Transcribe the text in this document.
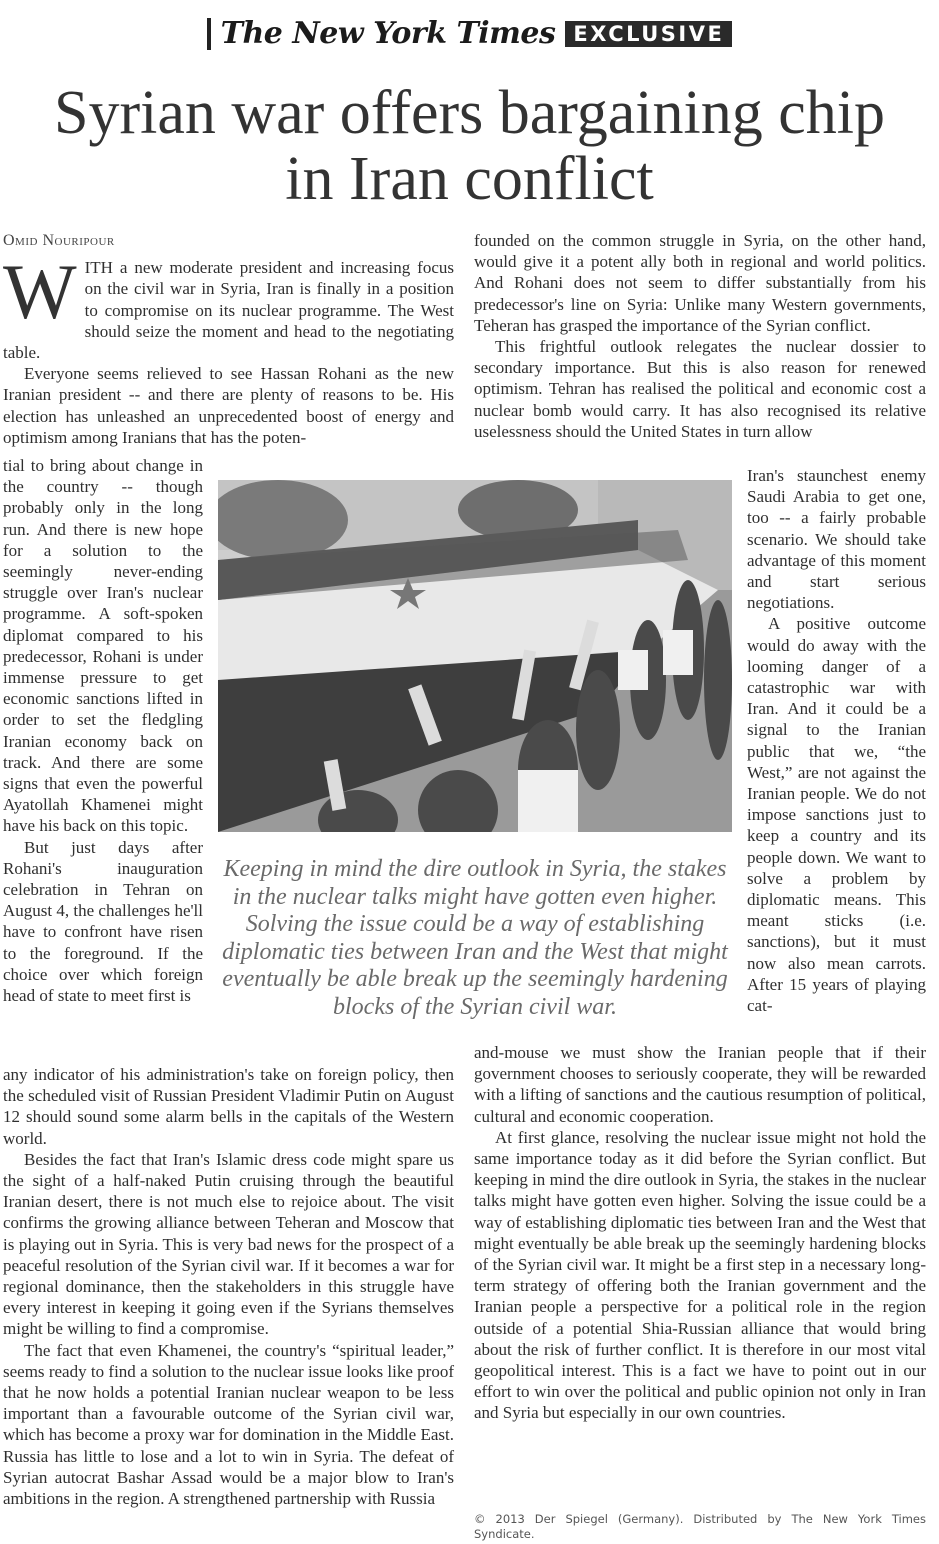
The New York Times EXCLUSIVE
Syrian war offers bargaining chip in Iran conflict
Omid Nouripour

WITH a new moderate president and increasing focus on the civil war in Syria, Iran is finally in a position to compromise on its nuclear programme. The West should seize the moment and head to the negotiating table.

Everyone seems relieved to see Hassan Rohani as the new Iranian president -- and there are plenty of reasons to be. His election has unleashed an unprecedented boost of energy and optimism among Iranians that has the poten-

tial to bring about change in the country -- though probably only in the long run. And there is new hope for a solution to the seemingly never-ending struggle over Iran's nuclear programme. A soft-spoken diplomat compared to his predecessor, Rohani is under immense pressure to get economic sanctions lifted in order to set the fledgling Iranian economy back on track. And there are some signs that even the powerful Ayatollah Khamenei might have his back on this topic.

But just days after Rohani's inauguration celebration in Tehran on August 4, the challenges he'll have to confront have risen to the foreground. If the choice over which foreign head of state to meet first is

any indicator of his administration's take on foreign policy, then the scheduled visit of Russian President Vladimir Putin on August 12 should sound some alarm bells in the capitals of the Western world.

Besides the fact that Iran's Islamic dress code might spare us the sight of a half-naked Putin cruising through the beautiful Iranian desert, there is not much else to rejoice about. The visit confirms the growing alliance between Teheran and Moscow that is playing out in Syria. This is very bad news for the prospect of a peaceful resolution of the Syrian civil war. If it becomes a war for regional dominance, then the stakeholders in this struggle have every interest in keeping it going even if the Syrians themselves might be willing to find a compromise.

The fact that even Khamenei, the country's “spiritual leader,” seems ready to find a solution to the nuclear issue looks like proof that he now holds a potential Iranian nuclear weapon to be less important than a favourable outcome of the Syrian civil war, which has become a proxy war for domination in the Middle East. Russia has little to lose and a lot to win in Syria. The defeat of Syrian autocrat Bashar Assad would be a major blow to Iran's ambitions in the region. A strengthened partnership with Russia

founded on the common struggle in Syria, on the other hand, would give it a potent ally both in regional and world politics. And Rohani does not seem to differ substantially from his predecessor's line on Syria: Unlike many Western governments, Teheran has grasped the importance of the Syrian conflict.

This frightful outlook relegates the nuclear dossier to secondary importance. But this is also reason for renewed optimism. Tehran has realised the political and economic cost a nuclear bomb would carry. It has also recognised its relative uselessness should the United States in turn allow

Iran's staunchest enemy Saudi Arabia to get one, too -- a fairly probable scenario. We should take advantage of this moment and start serious negotiations.

A positive outcome would do away with the looming danger of a catastrophic war with Iran. And it could be a signal to the Iranian public that we, “the West,” are not against the Iranian people. We do not impose sanctions just to keep a country and its people down. We want to solve a problem by diplomatic means. This meant sticks (i.e. sanctions), but it must now also mean carrots. After 15 years of playing cat-

and-mouse we must show the Iranian people that if their government chooses to seriously cooperate, they will be rewarded with a lifting of sanctions and the cautious resumption of political, cultural and economic cooperation.

At first glance, resolving the nuclear issue might not hold the same importance today as it did before the Syrian conflict. But keeping in mind the dire outlook in Syria, the stakes in the nuclear talks might have gotten even higher. Solving the issue could be a way of establishing diplomatic ties between Iran and the West that might eventually be able break up the seemingly hardening blocks of the Syrian civil war. It might be a first step in a necessary long-term strategy of offering both the Iranian government and the Iranian people a perspective for a political role in the region outside of a potential Shia-Russian alliance that would bring about the risk of further conflict. It is therefore in our most vital geopolitical interest. This is a fact we have to point out in our effort to win over the political and public opinion not only in Iran and Syria but especially in our own countries.

Keeping in mind the dire outlook in Syria, the stakes in the nuclear talks might have gotten even higher. Solving the issue could be a way of establishing diplomatic ties between Iran and the West that might eventually be able break up the seemingly hardening blocks of the Syrian civil war.

© 2013 Der Spiegel (Germany). Distributed by The New York Times Syndicate.
